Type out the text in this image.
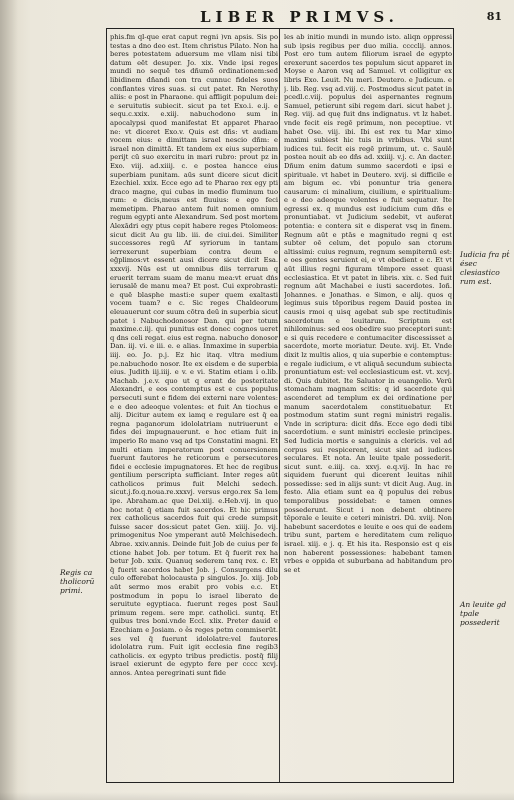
LIBER PRIMVS.	81

phis.fm ql-que erat caput regni )vn apsis. Sis po testas a dno deo est. Item christus Pilato. Non ha beres potestatem aduersum me vllam nisi tibi datum eēt desuper. Jo. xix. Vnde ipsi reges mundi no sequē tes dñumõ ordinationem:sed libidinem dñandi con tra cunnuc fideles suos conflantes vires suas. si cut patet. Rn Nerothy aliis: e post in Pharaone. qui affligit populum dei: e seruitutis subiecit. sicut pa tet Exo.i. e.ij. e sequ.c.xxix. e.xiij. nabuchodono sum in apocalypsi quod manifestat Et apparet Pharao ne: vt diceret Exo.v. Quis est dñs: vt audiam vocem eius: e dimittam israel nescio dñm: e israel non dimittā. Et tandem ex eius superbiam perijt cū suo exercitu in mari rubro: prout pz in Exo. viij. ad.xiiij. c. e postea hancce eius superbiam punitam. aūs sunt dicere sicut dicit Ezechiel. xxix. Ecce ego ad te Pharao rex egy pti draco magne, qui cubas in medio fluminum tuo rum: e dicis,meus est fluuius: e ego feci memetipm. Pharao antem fuit nomen omnium regum egypti ante Alexandrum. Sed post mortem Alexādri egy ptus cepit habere reges Ptolomeos: sicut dicit Au gu lib. iii. de ciui.dei. Similiter successores regū Af syriorum in tantam ierrexerunt superbiam contra deum e eḡplimos:vt essent ausi dicere sicut dicit Esa. xxxvij. Nūs est ut omnibus diis terrarum q eruerit terram suam de manu mea:vt eruat dńs ierusalē de manu mea? Et post. Cui exprobrasti: e quē blasphe masti:e super quem exaltasti vocem tuam? e c. Sic reges Chaldeorum eleuauerunt cor suum cōtra deū in superbia sicut patet i Nabuchodonosor Dan. qui per totum maxime.c.iij. qui punitus est donec cognos ueret q dns celi regat. eius est regna. nabucho donosor Dan. iij. vi. e iii. e. e alias. Inmaxime in superbia iiij. eo. Jo. p.j. Ez hic itaq. vltra medium pe.nabuchodo nosor. Ite ex eisdem e de superbia eius. Judith iij.iiij. e v. e vi. Statim etiam i o.lib. Machab. j.e.v. quo ut q erant de posteritate Alexandri, e eos contemptus est e cus populus persecuti sunt e fidem dei externi nare volentes: e e deo adeoque volentes: et fuit An tiochus e alij. Dicitur autem ex iamq e regulare est q̄ ea regna paganorum idololatriam nutriuerunt e fides dei impugnauerunt. e hoc etiam fuit in imperio Ro mano vsq ad tps Constatini magni. Et multi etiam imperatorum post conuersionem fuerunt fautores he reticorum e persecutores fidei e ecclesie impugnatores. Et hec de regibus gentilium perscripta sufficiant. Inter reges aūt catholicos primus fuit Melchi sedech. sicut.j.fo.q.noua.re.xxxvj. versus ergo.rex Sa lem ipe. Abraham.ac que Dei.xiij. e.Heb.vij. in quo hoc notat q̄ etiam fuit sacerdos. Et hic primus rex catholicus sacerdos fuit qui crede sumpsit fuisse sacer dos:sicut patet Gen. xiiij. Jo. vij. primogenitus Noe ymperant autē Melchisedech. Abrae. xxiv.annis. Deinde fuit Job de cuius per fe ctione habet Job. per totum. Et q̄ fuerit rex ha betur Job. xxix. Quanuq sederem tanq rex. c. Et q̄ fuerit sacerdos habet Job. j. Consurgens dilu culo offerebat holocausta p singulos. Jo. xiij. Job aūt sermo mos erabit pro vobis e.c. Et postmodum in popu lo israel liberato de seruitute egyptiaca. fuerunt reges post Saul primum regem. sere mpr. catholici. suntq. Et quibus tres boni.vnde Eccl. xlix. Preter dauid e Ezechiam e Josiam. o e̾s reges petm commiserūt. ses vel q̄ fuerunt idololatre:vel fautores idololatra rum. Fuit igit ecclesia fine regib3 catholicis. ex egypto tribus predictis. postq̄ filij israel exierunt de egypto fere per cccc xcvj. annos. Antea peregrinati sunt fide

les ab initio mundi in mundo isto. aliqn oppressi sub ipsis regibus per duo milia. cccclij. annos. Post ero tum autem filiorum israel de egypto erexerunt sacerdos tes populum sicut apparet in Moyse e Aaron vsq ad Samuel. vt colligitur ex libris Exo. Leuit. Nu meri. Deutero. e Judicum. e j. lib. Reg. vsq ad.viij. c. Postmodus sicut patet in pcedl.c.viij. populus dei aspernantes regnum Samuel, petierunt sibi regem dari. sicut habet j. Reg. viij. ad quę fuit dns indignatus. vt lz habet. vnde fecit eis regē primum, non peceptiue. vt habet Ose. viij. ibi. Ibi est rex tu Mar ximo maximi subiest hic tuis in vrbibus. Vbi sunt iudices tui. fecit eis regē primum, ut. c. Saulē postea nouit ab eo dñs ad. xxiiij. v.j. c. An dacter. Dñum enim datum summo sacerdoti e ipsi e spirituale. vt habet in Deutero. xvij. si difficile e am bigum ec. vbi ponuntur tria genera causarum: ci minalium, ciuilium, e spiritualium: e e deo adeoque volentes e fuit sequatur. Ite egressi ex. q mundus est iudicium cum dñs e pronuntiabat. vt Judicium sedebit, vt auferat potentia: e contera sit e disperat vsq in finem. Regnum aūt e ptās e magnitudo regni q est subter oē celum, det populo san ctorum altissimi: cuius regnum, regnum sempiternū est: e oes gentes seruient ei, e vt obedient e c. Et vt aūt illius regni figuram tēmpore esset quasi ecclesiastica. Et vt patet in libris. xix. c. Sed fuit regnum aūt Machabei e iusti sacerdotes. Ioñ. Johannes. e Jonathas. e Simon, e alij. quos q legimus suis tēporibus regem Dauid postea in causis rmoi q uisq agebat sub spe rectitudinis sacerdotum e leuitarum. Scriptum est nihilominus: sed eos obedire suo preceptori sunt: e si quis recedere e contumaciter discessisset a sacerdote, morte moriatur. Deute. xvij. Et. Vnde dixit lz multis alios, q uia superbie e contemptus: e regale iudicium, e vt aliquā secundum subiecta pronuntiatum est: vel ecclesiasticum est. vt. xcvj. di. Quis dubitet. Ite Saluator in euangelio. Verū stomacham magnam scitis: q id sacerdote qui ascenderet ad templum ex dei ordinatione per manum sacerdotalem constituebatur. Et postmodum statim sunt regni ministri regalis. Vnde in scriptura: dicit dñs. Ecce ego dedi tibi sacerdotium. e sunt ministri ecclesie principes. Sed Iudicia mortis e sanguinis a clericis. vel ad corpus sui respicerent, sicut sint ad iudices seculares. Et nota. An leuite tpale possederit. sicut sunt. e.iiij. ca. xxvj. e.q.vij. In hac re siquidem fuerunt qui dicerent leuitas nihil possedisse: sed in alijs sunt: vt dicit Aug. Aug. in festo. Alia etiam sunt ea q̄ populus dei rebus temporalibus possidebat: e tamen omnes possederunt. Sicut i non debent obtinere tēporale e leuite e ceteri ministri. Dū. xviij. Non habebunt sacerdotes e leuite e oes qui de eadem tribu sunt, partem e hereditatem cum reliquo israel. xiij. e j. q. Et his ita. Responsio est q eis non haberent possessiones: habebant tamen vrbes e oppida et suburbana ad habitandum pro se et

Regis ca tholicorū primi.
Iudicia fra pṫ ésec clesiastico rum est.
An leuite gd tpale possederit
